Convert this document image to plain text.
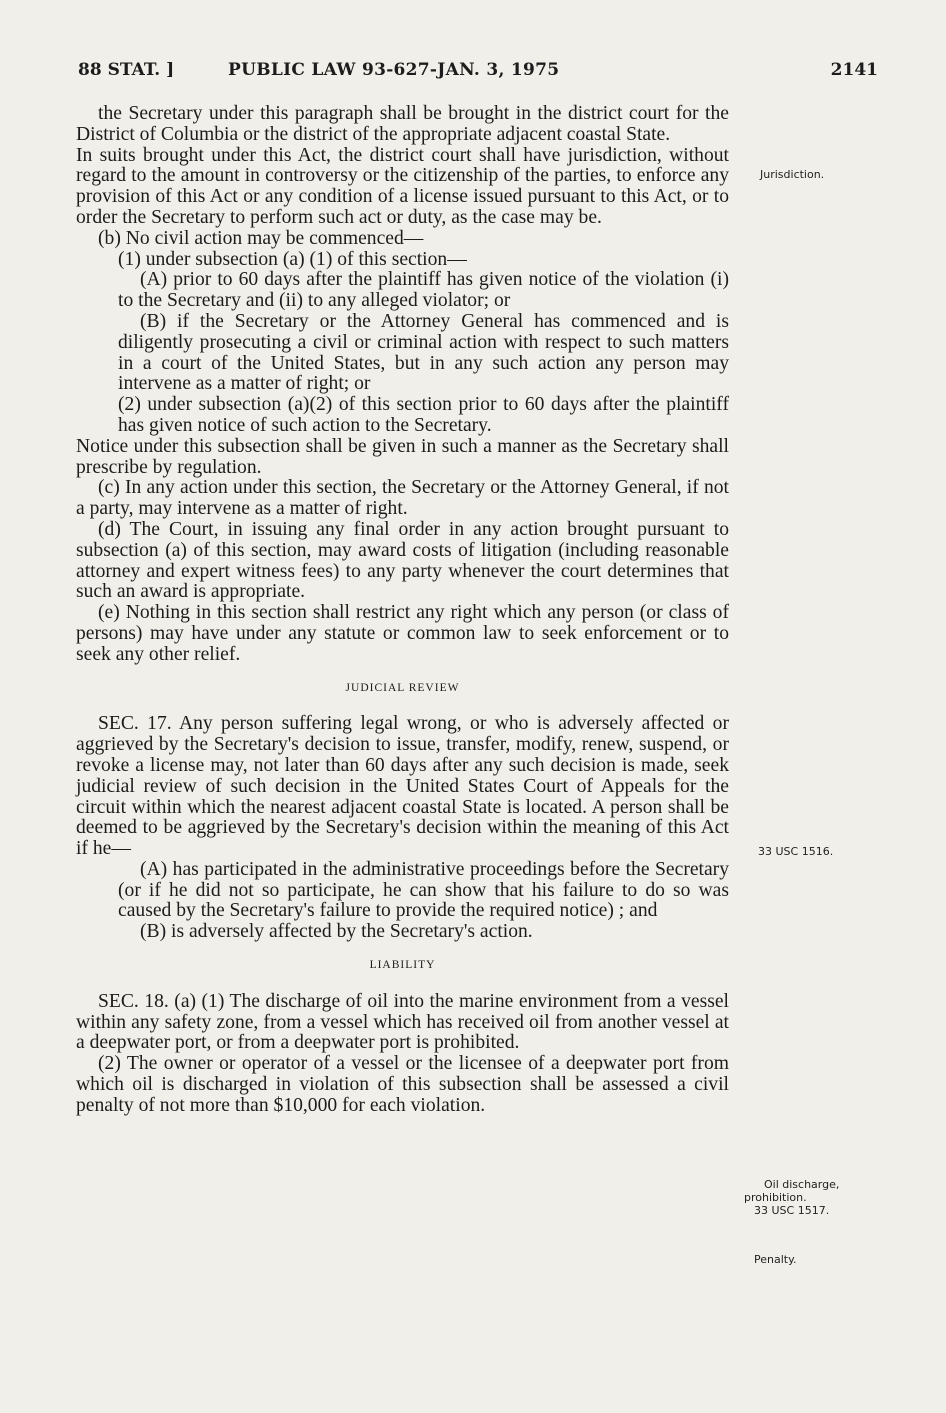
88 STAT. ]	PUBLIC LAW 93-627-JAN. 3, 1975	2141

the Secretary under this paragraph shall be brought in the district court for the District of Columbia or the district of the appropriate adjacent coastal State.

In suits brought under this Act, the district court shall have jurisdiction, without regard to the amount in controversy or the citizenship of the parties, to enforce any provision of this Act or any condition of a license issued pursuant to this Act, or to order the Secretary to perform such act or duty, as the case may be.

(b) No civil action may be commenced—

(1) under subsection (a) (1) of this section—

(A) prior to 60 days after the plaintiff has given notice of the violation (i) to the Secretary and (ii) to any alleged violator; or

(B) if the Secretary or the Attorney General has commenced and is diligently prosecuting a civil or criminal action with respect to such matters in a court of the United States, but in any such action any person may intervene as a matter of right; or

(2) under subsection (a)(2) of this section prior to 60 days after the plaintiff has given notice of such action to the Secretary.

Notice under this subsection shall be given in such a manner as the Secretary shall prescribe by regulation.

(c) In any action under this section, the Secretary or the Attorney General, if not a party, may intervene as a matter of right.

(d) The Court, in issuing any final order in any action brought pursuant to subsection (a) of this section, may award costs of litigation (including reasonable attorney and expert witness fees) to any party whenever the court determines that such an award is appropriate.

(e) Nothing in this section shall restrict any right which any person (or class of persons) may have under any statute or common law to seek enforcement or to seek any other relief.

JUDICIAL REVIEW

SEC. 17. Any person suffering legal wrong, or who is adversely affected or aggrieved by the Secretary's decision to issue, transfer, modify, renew, suspend, or revoke a license may, not later than 60 days after any such decision is made, seek judicial review of such decision in the United States Court of Appeals for the circuit within which the nearest adjacent coastal State is located. A person shall be deemed to be aggrieved by the Secretary's decision within the meaning of this Act if he—

(A) has participated in the administrative proceedings before the Secretary (or if he did not so participate, he can show that his failure to do so was caused by the Secretary's failure to provide the required notice) ; and

(B) is adversely affected by the Secretary's action.

LIABILITY

SEC. 18. (a) (1) The discharge of oil into the marine environment from a vessel within any safety zone, from a vessel which has received oil from another vessel at a deepwater port, or from a deepwater port is prohibited.

(2) The owner or operator of a vessel or the licensee of a deepwater port from which oil is discharged in violation of this subsection shall be assessed a civil penalty of not more than $10,000 for each violation.

Jurisdiction.
33 USC 1516.
Oil discharge,
prohibition.
33 USC 1517.
Penalty.
